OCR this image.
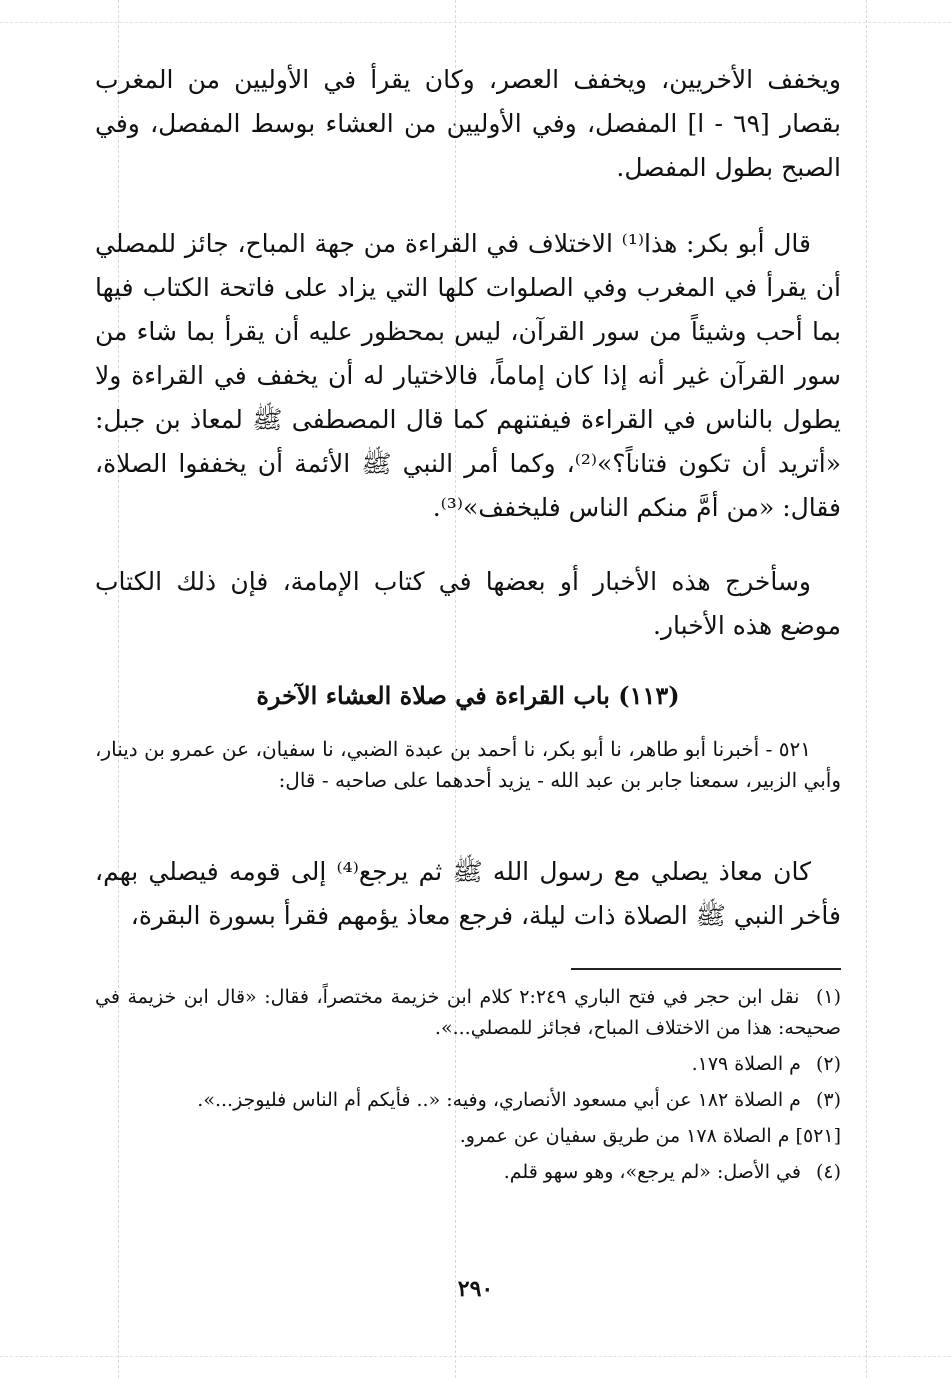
ويخفف الأخريين، ويخفف العصر، وكان يقرأ في الأوليين من المغرب بقصار [٦٩ - ا] المفصل، وفي الأوليين من العشاء بوسط المفصل، وفي الصبح بطول المفصل.

قال أبو بكر: هذا⁽¹⁾ الاختلاف في القراءة من جهة المباح، جائز للمصلي أن يقرأ في المغرب وفي الصلوات كلها التي يزاد على فاتحة الكتاب فيها بما أحب وشيئاً من سور القرآن، ليس بمحظور عليه أن يقرأ بما شاء من سور القرآن غير أنه إذا كان إماماً، فالاختيار له أن يخفف في القراءة ولا يطول بالناس في القراءة فيفتنهم كما قال المصطفى ﷺ لمعاذ بن جبل: «أتريد أن تكون فتاناً؟»⁽²⁾، وكما أمر النبي ﷺ الأئمة أن يخففوا الصلاة، فقال: «من أمَّ منكم الناس فليخفف»⁽³⁾.

وسأخرج هذه الأخبار أو بعضها في كتاب الإمامة، فإن ذلك الكتاب موضع هذه الأخبار.

(١١٣) باب القراءة في صلاة العشاء الآخرة

٥٢١ - أخبرنا أبو طاهر، نا أبو بكر، نا أحمد بن عبدة الضبي، نا سفيان، عن عمرو بن دينار، وأبي الزبير، سمعنا جابر بن عبد الله - يزيد أحدهما على صاحبه - قال:

كان معاذ يصلي مع رسول الله ﷺ ثم يرجع⁽⁴⁾ إلى قومه فيصلي بهم، فأخر النبي ﷺ الصلاة ذات ليلة، فرجع معاذ يؤمهم فقرأ بسورة البقرة،

(١) نقل ابن حجر في فتح الباري ٢:٢٤٩ كلام ابن خزيمة مختصراً، فقال: «قال ابن خزيمة في صحيحه: هذا من الاختلاف المباح، فجائز للمصلي...».

(٢) م الصلاة ١٧٩.

(٣) م الصلاة ١٨٢ عن أبي مسعود الأنصاري، وفيه: «.. فأيكم أم الناس فليوجز...».

[٥٢١] م الصلاة ١٧٨ من طريق سفيان عن عمرو.

(٤) في الأصل: «لم يرجع»، وهو سهو قلم.

٢٩٠
